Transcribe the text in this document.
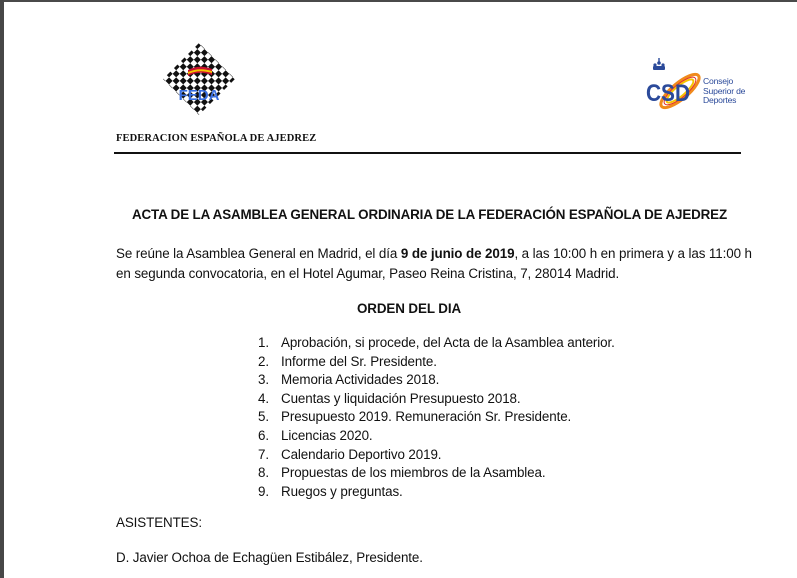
FEDA
FEDERACION ESPAÑOLA DE AJEDREZ
CSD Consejo
Superior de
Deportes
ACTA DE LA ASAMBLEA GENERAL ORDINARIA DE LA FEDERACIÓN ESPAÑOLA DE AJEDREZ
Se reúne la Asamblea General en Madrid, el día 9 de junio de 2019, a las 10:00 h en primera y a las 11:00 h en segunda convocatoria, en el Hotel Agumar, Paseo Reina Cristina, 7, 28014 Madrid.
ORDEN DEL DIA
1. Aprobación, si procede, del Acta de la Asamblea anterior.
2. Informe del Sr. Presidente.
3. Memoria Actividades 2018.
4. Cuentas y liquidación Presupuesto 2018.
5. Presupuesto 2019. Remuneración Sr. Presidente.
6. Licencias 2020.
7. Calendario Deportivo 2019.
8. Propuestas de los miembros de la Asamblea.
9. Ruegos y preguntas.
ASISTENTES:
D. Javier Ochoa de Echagüen Estibález, Presidente.
